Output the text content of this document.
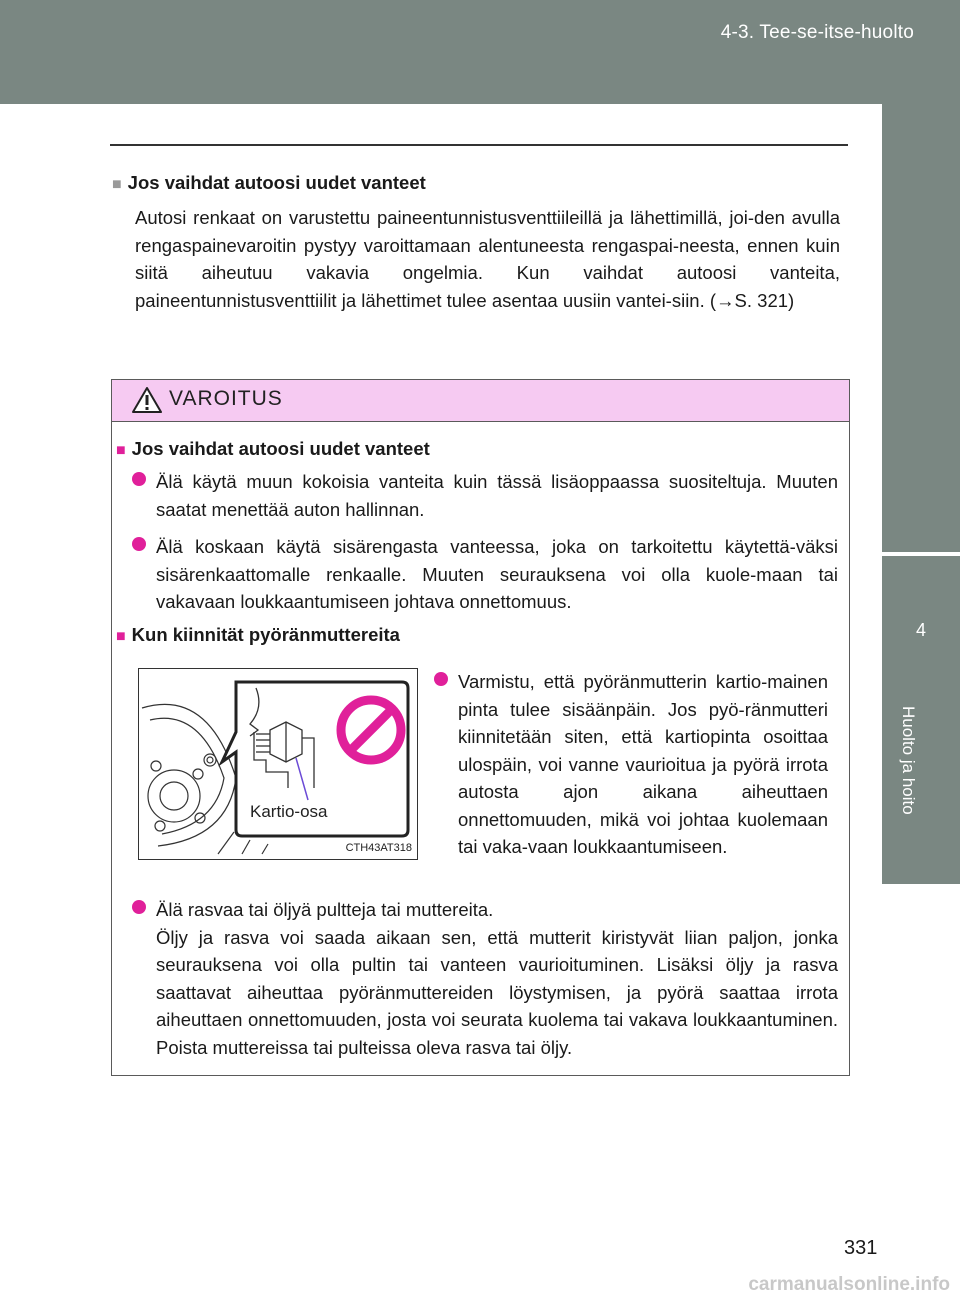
4-3. Tee-se-itse-huolto
4
Huolto ja hoito
■ Jos vaihdat autoosi uudet vanteet
Autosi renkaat on varustettu paineentunnistusventtiileillä ja lähettimillä, joi-den avulla rengaspainevaroitin pystyy varoittamaan alentuneesta rengaspai-neesta, ennen kuin siitä aiheutuu vakavia ongelmia. Kun vaihdat autoosi vanteita, paineentunnistusventtiilit ja lähettimet tulee asentaa uusiin vantei-siin. (→S. 321)
VAROITUS
■ Jos vaihdat autoosi uudet vanteet
Älä käytä muun kokoisia vanteita kuin tässä lisäoppaassa suositeltuja. Muuten saatat menettää auton hallinnan.
Älä koskaan käytä sisärengasta vanteessa, joka on tarkoitettu käytettä-väksi sisärenkaattomalle renkaalle. Muuten seurauksena voi olla kuole-maan tai vakavaan loukkaantumiseen johtava onnettomuus.
■ Kun kiinnität pyöränmuttereita
Varmistu, että pyöränmutterin kartio-mainen pinta tulee sisäänpäin. Jos pyö-ränmutteri kiinnitetään siten, että kartiopinta osoittaa ulospäin, voi vanne vaurioitua ja pyörä irrota autosta ajon aikana aiheuttaen onnettomuuden, mikä voi johtaa kuolemaan tai vaka-vaan loukkaantumiseen.
Älä rasvaa tai öljyä pultteja tai muttereita.
Öljy ja rasva voi saada aikaan sen, että mutterit kiristyvät liian paljon, jonka seurauksena voi olla pultin tai vanteen vaurioituminen. Lisäksi öljy ja rasva saattavat aiheuttaa pyöränmuttereiden löystymisen, ja pyörä saattaa irrota aiheuttaen onnettomuuden, josta voi seurata kuolema tai vakava loukkaantuminen. Poista muttereissa tai pulteissa oleva rasva tai öljy.
Kartio-osa
CTH43AT318
331
carmanualsonline.info
